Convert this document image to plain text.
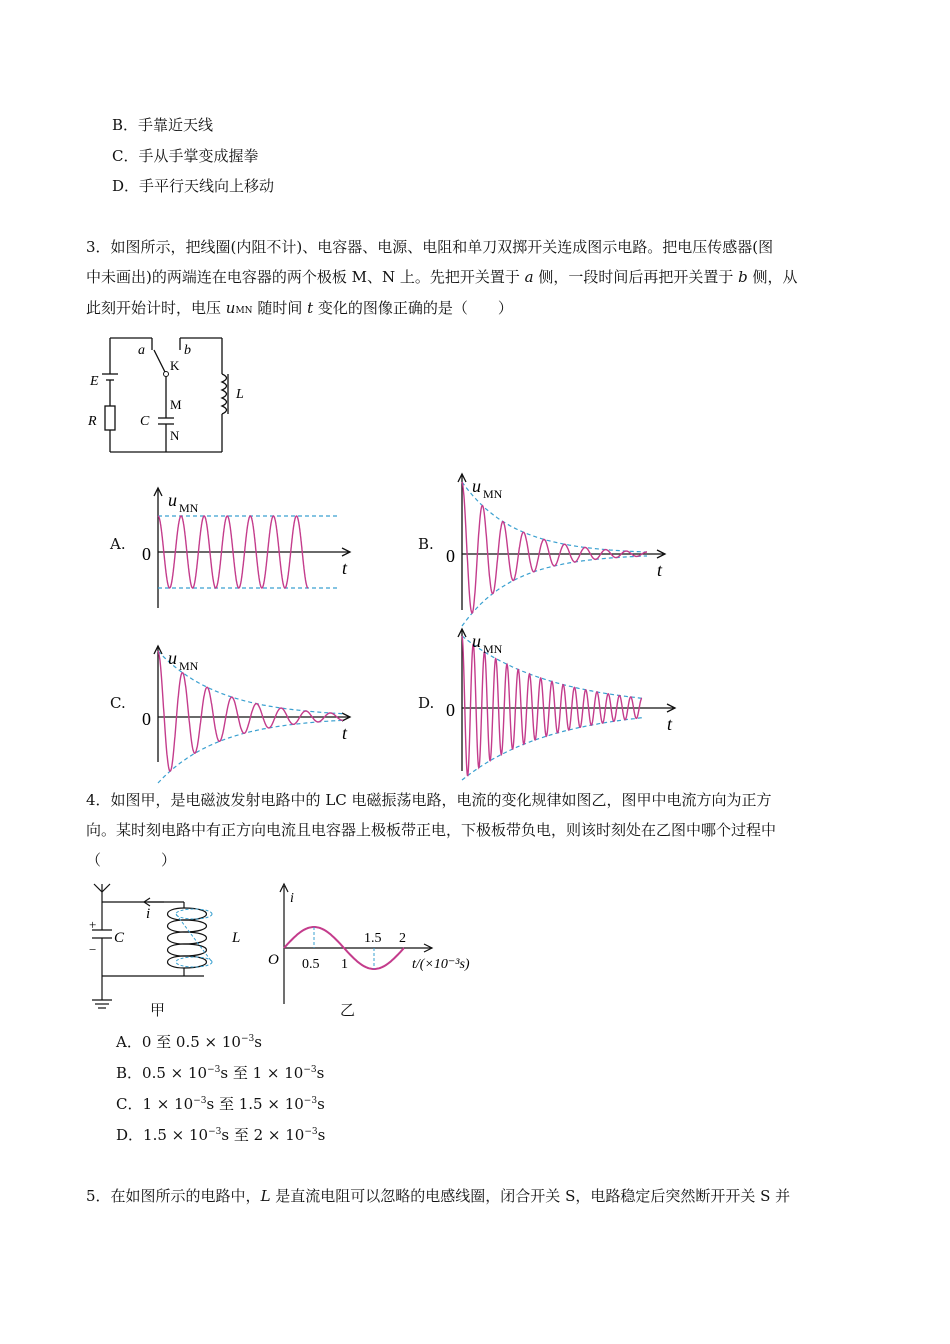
B．手靠近天线
C．手从手掌变成握拳
D．手平行天线向上移动
3．如图所示，把线圈(内阻不计)、电容器、电源、电阻和单刀双掷开关连成图示电路。把电压传感器(图
中未画出)的两端连在电容器的两个极板 M、N 上。先把开关置于 a 侧，一段时间后再把开关置于 b 侧，从
此刻开始计时，电压 uMN 随时间 t 变化的图像正确的是（　　）
E
R	C
K
M
N
L
a	b
A.
u MN
0
t
B.
u MN
0
t
C.
u MN
0
t
D.
u MN
0
t
4．如图甲，是电磁波发射电路中的 LC 电磁振荡电路，电流的变化规律如图乙，图甲中电流方向为正方
向。某时刻电路中有正方向电流且电容器上极板带正电，下极板带负电，则该时刻处在乙图中哪个过程中
（　　　　）
+
−
C
i
L
甲
i
O 0.5 1
1.5 2
t/(×10⁻³s)
乙
A．0 至 $0.5 \times 10^{-3}s$
B．$0.5 \times 10^{-3}s$ 至 $1 \times 10^{-3}s$
C．$1 \times 10^{-3}s$ 至 $1.5 \times 10^{-3}s$
D．$1.5 \times 10^{-3}s$ 至 $2 \times 10^{-3}s$
5．在如图所示的电路中，L 是直流电阻可以忽略的电感线圈，闭合开关 S，电路稳定后突然断开开关 S 并
